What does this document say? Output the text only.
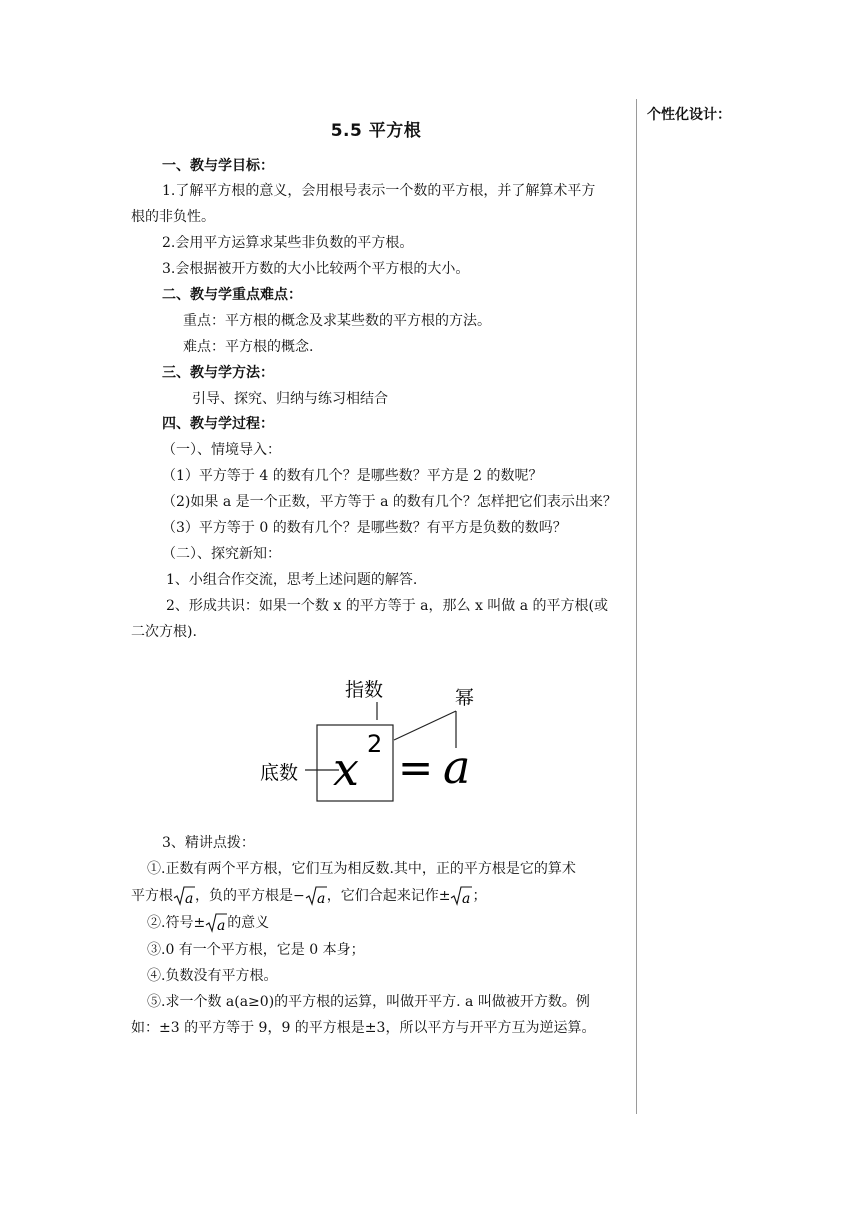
个性化设计：
5.5 平方根
一、教与学目标：
1.了解平方根的意义，会用根号表示一个数的平方根，并了解算术平方
根的非负性。
2.会用平方运算求某些非负数的平方根。
3.会根据被开方数的大小比较两个平方根的大小。
二、教与学重点难点：
重点：平方根的概念及求某些数的平方根的方法。
难点：平方根的概念.
三、教与学方法：
引导、探究、归纳与练习相结合
四、教与学过程：
（一）、情境导入：
（1）平方等于 4 的数有几个？是哪些数？平方是 2 的数呢？
（2)如果 a 是一个正数，平方等于 a 的数有几个？怎样把它们表示出来？
（3）平方等于 0 的数有几个？是哪些数？有平方是负数的数吗？
（二）、探究新知：
1、小组合作交流，思考上述问题的解答.
2、形成共识：如果一个数 x 的平方等于 a，那么 x 叫做 a 的平方根(或
二次方根).
指数	幂
底数 x 2 = a
3、精讲点拨：
①.正数有两个平方根，它们互为相反数.其中，正的平方根是它的算术
平方根 a ，负的平方根是− a ，它们合起来记作± a ；
②.符号± a 的意义
③.0 有一个平方根，它是 0 本身；
④.负数没有平方根。
⑤.求一个数 a(a≥0)的平方根的运算，叫做开平方. a 叫做被开方数。例
如：±3 的平方等于 9，9 的平方根是±3，所以平方与开平方互为逆运算。
